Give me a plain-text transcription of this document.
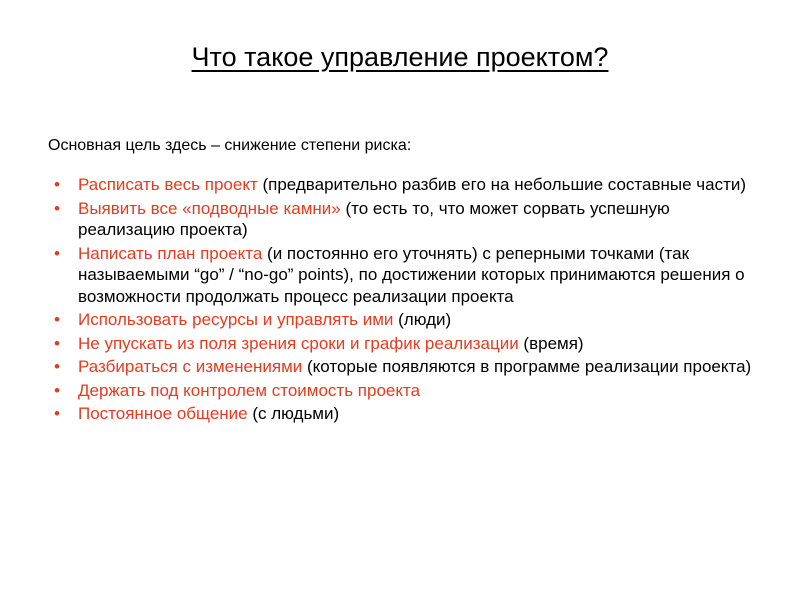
Что такое управление проектом?
Основная цель здесь – снижение степени риска:
• Расписать весь проект (предварительно разбив его на небольшие составные части)
• Выявить все «подводные камни» (то есть то, что может сорвать успешную реализацию проекта)
• Написать план проекта (и постоянно его уточнять) с реперными точками (так называемыми “go” / “no-go” points), по достижении которых принимаются решения о возможности продолжать процесс реализации проекта
• Использовать ресурсы и управлять ими (люди)
• Не упускать из поля зрения сроки и график реализации (время)
• Разбираться с изменениями (которые появляются в программе реализации проекта)
• Держать под контролем стоимость проекта
• Постоянное общение (с людьми)
